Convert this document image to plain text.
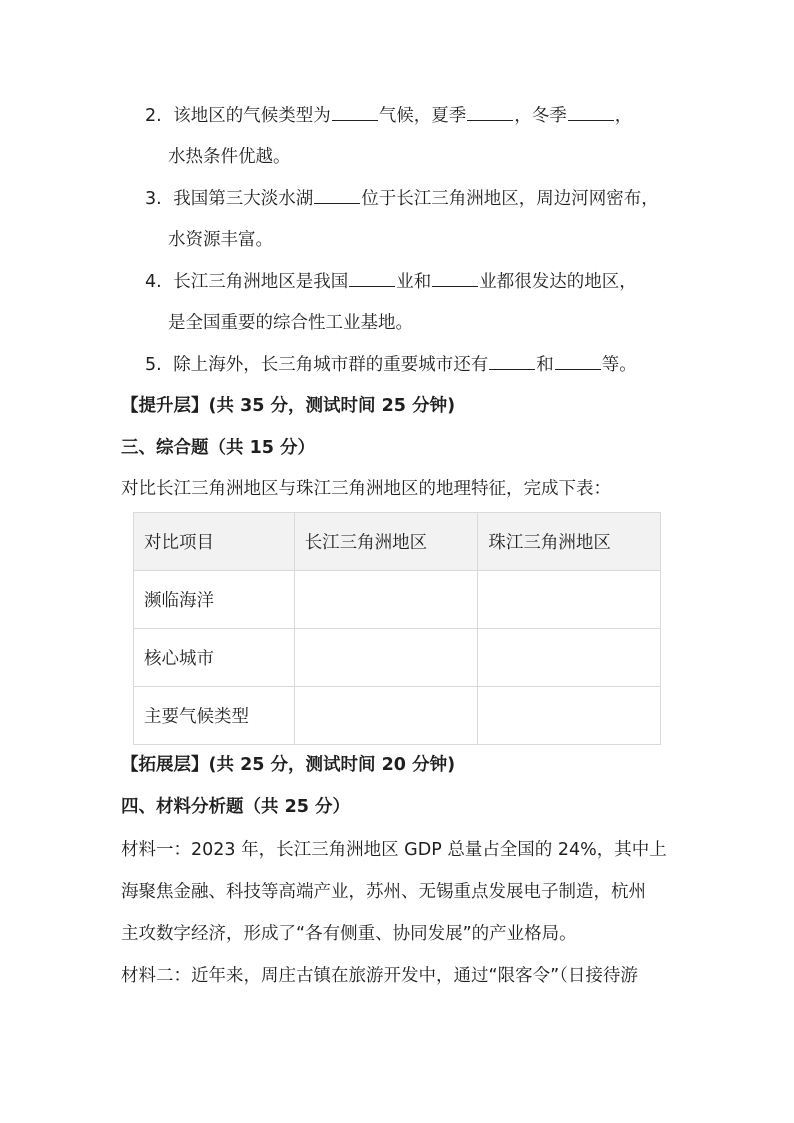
2. 该地区的气候类型为	气候，夏季	，冬季	，
水热条件优越。
3. 我国第三大淡水湖	位于长江三角洲地区，周边河网密布，
水资源丰富。
4. 长江三角洲地区是我国	业和	业都很发达的地区，
是全国重要的综合性工业基地。
5. 除上海外，长三角城市群的重要城市还有	和	等。
【提升层】(共 35 分，测试时间 25 分钟)
三、综合题（共 15 分）
对比长江三角洲地区与珠江三角洲地区的地理特征，完成下表：
对比项目	长江三角洲地区	珠江三角洲地区
濒临海洋		
核心城市		
主要气候类型		
【拓展层】(共 25 分，测试时间 20 分钟)
四、材料分析题（共 25 分）
材料一：2023 年，长江三角洲地区 GDP 总量占全国的 24%，其中上
海聚焦金融、科技等高端产业，苏州、无锡重点发展电子制造，杭州
主攻数字经济，形成了“各有侧重、协同发展”的产业格局。
材料二：近年来，周庄古镇在旅游开发中，通过“限客令”（日接待游
